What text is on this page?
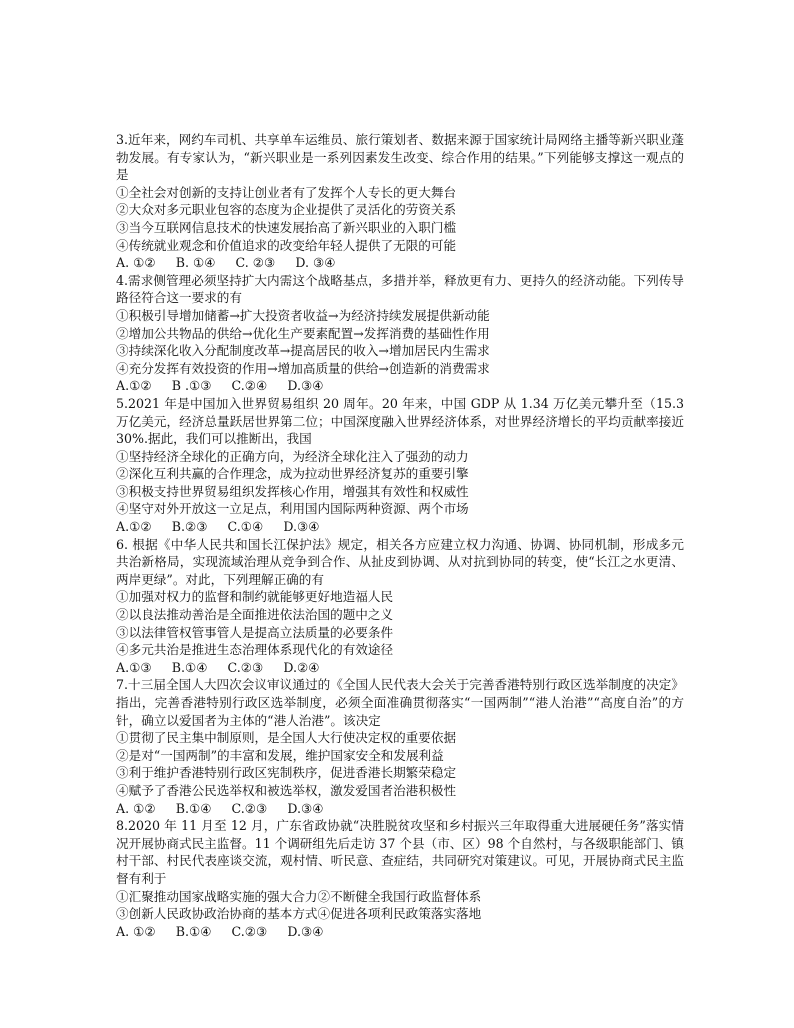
3.近年来，网约车司机、共享单车运维员、旅行策划者、数据来源于国家统计局网络主播等新兴职业蓬勃发展。有专家认为，“新兴职业是一系列因素发生改变、综合作用的结果。”下列能够支撑这一观点的是

①全社会对创新的支持让创业者有了发挥个人专长的更大舞台

②大众对多元职业包容的态度为企业提供了灵活化的劳资关系

③当今互联网信息技术的快速发展抬高了新兴职业的入职门槛

④传统就业观念和价值追求的改变给年轻人提供了无限的可能

A. ①②     B. ①④     C. ②③     D. ③④

4.需求侧管理必须坚持扩大内需这个战略基点，多措并举，释放更有力、更持久的经济动能。下列传导路径符合这一要求的有

①积极引导增加储蓄→扩大投资者收益→为经济持续发展提供新动能

②增加公共物品的供给→优化生产要素配置→发挥消费的基础性作用

③持续深化收入分配制度改革→提高居民的收入→增加居民内生需求

④充分发挥有效投资的作用→增加高质量的供给→创造新的消费需求

A.①②     B .①③     C.②④     D.③④

5.2021 年是中国加入世界贸易组织 20 周年。20 年来，中国 GDP 从 1.34 万亿美元攀升至（15.3 万亿美元，经济总量跃居世界第二位；中国深度融入世界经济体系，对世界经济增长的平均贡献率接近 30%.据此，我们可以推断出，我国

①坚持经济全球化的正确方向，为经济全球化注入了强劲的动力

②深化互利共赢的合作理念，成为拉动世界经济复苏的重要引擎

③积极支持世界贸易组织发挥核心作用，增强其有效性和权威性

④坚守对外开放这一立足点，利用国内国际两种资源、两个市场

A.①②     B.②③     C.①④     D.③④

6. 根据《中华人民共和国长江保护法》规定，相关各方应建立权力沟通、协调、协同机制，形成多元共治新格局，实现流域治理从竞争到合作、从扯皮到协调、从对抗到协同的转变，使“长江之水更清、两岸更绿”。对此，下列理解正确的有

①加强对权力的监督和制约就能够更好地造福人民

②以良法推动善治是全面推进依法治国的题中之义

③以法律管权管事管人是提高立法质量的必要条件

④多元共治是推进生态治理体系现代化的有效途径

A.①③     B.①④     C.②③     D.②④

7.十三届全国人大四次会议审议通过的《全国人民代表大会关于完善香港特别行政区选举制度的决定》指出，完善香港特别行政区选举制度，必须全面准确贯彻落实“一国两制”“港人治港”“高度自治”的方针，确立以爱国者为主体的“港人治港”。该决定

①贯彻了民主集中制原则，是全国人大行使决定权的重要依据

②是对“一国两制”的丰富和发展，维护国家安全和发展利益

③利于维护香港特别行政区宪制秩序，促进香港长期繁荣稳定

④赋予了香港公民选举权和被选举权，激发爱国者治港积极性

A. ①②     B.①④     C.②③     D.③④

8.2020 年 11 月至 12 月，广东省政协就“决胜脱贫攻坚和乡村振兴三年取得重大进展硬任务”落实情况开展协商式民主监督。11 个调研组先后走访 37 个县（市、区）98 个自然村，与各级职能部门、镇村干部、村民代表座谈交流，观村情、听民意、查症结，共同研究对策建议。可见，开展协商式民主监督有利于

①汇聚推动国家战略实施的强大合力②不断健全我国行政监督体系

③创新人民政协政治协商的基本方式④促进各项利民政策落实落地

A. ①②     B.①④     C.②③     D.③④
